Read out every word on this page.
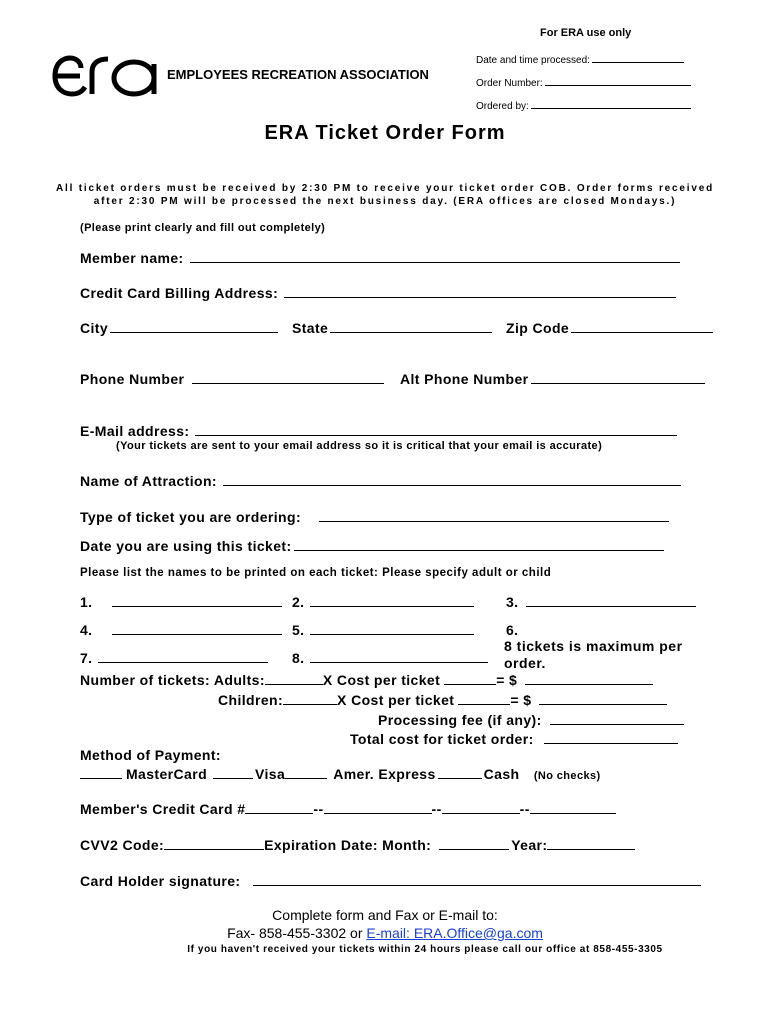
For ERA use only
Date and time processed:
Order Number:
Ordered by:
EMPLOYEES RECREATION ASSOCIATION
ERA Ticket Order Form
All ticket orders must be received by 2:30 PM to receive your ticket order COB. Order forms received
after 2:30 PM will be processed the next business day. (ERA offices are closed Mondays.)
(Please print clearly and fill out completely)
Member name:
Credit Card Billing Address:
City	State	Zip Code
Phone Number	Alt Phone Number
E-Mail address:
(Your tickets are sent to your email address so it is critical that your email is accurate)
Name of Attraction:
Type of ticket you are ordering:
Date you are using this ticket:
Please list the names to be printed on each ticket: Please specify adult or child
1.	2.	3.
4.	5.	6.
8 tickets is maximum per
order.
7.	8.
Number of tickets: Adults:	X Cost per ticket	= $
Children:	X Cost per ticket	= $
Processing fee (if any):
Total cost for ticket order:
Method of Payment:
MasterCard	Visa	Amer. Express	Cash (No checks)
Member's Credit Card #	--	--	--
CVV2 Code:	Expiration Date: Month:	Year:
Card Holder signature:
Complete form and Fax or E-mail to:
Fax- 858-455-3302 or E-mail: ERA.Office@ga.com
If you haven't received your tickets within 24 hours please call our office at 858-455-3305
